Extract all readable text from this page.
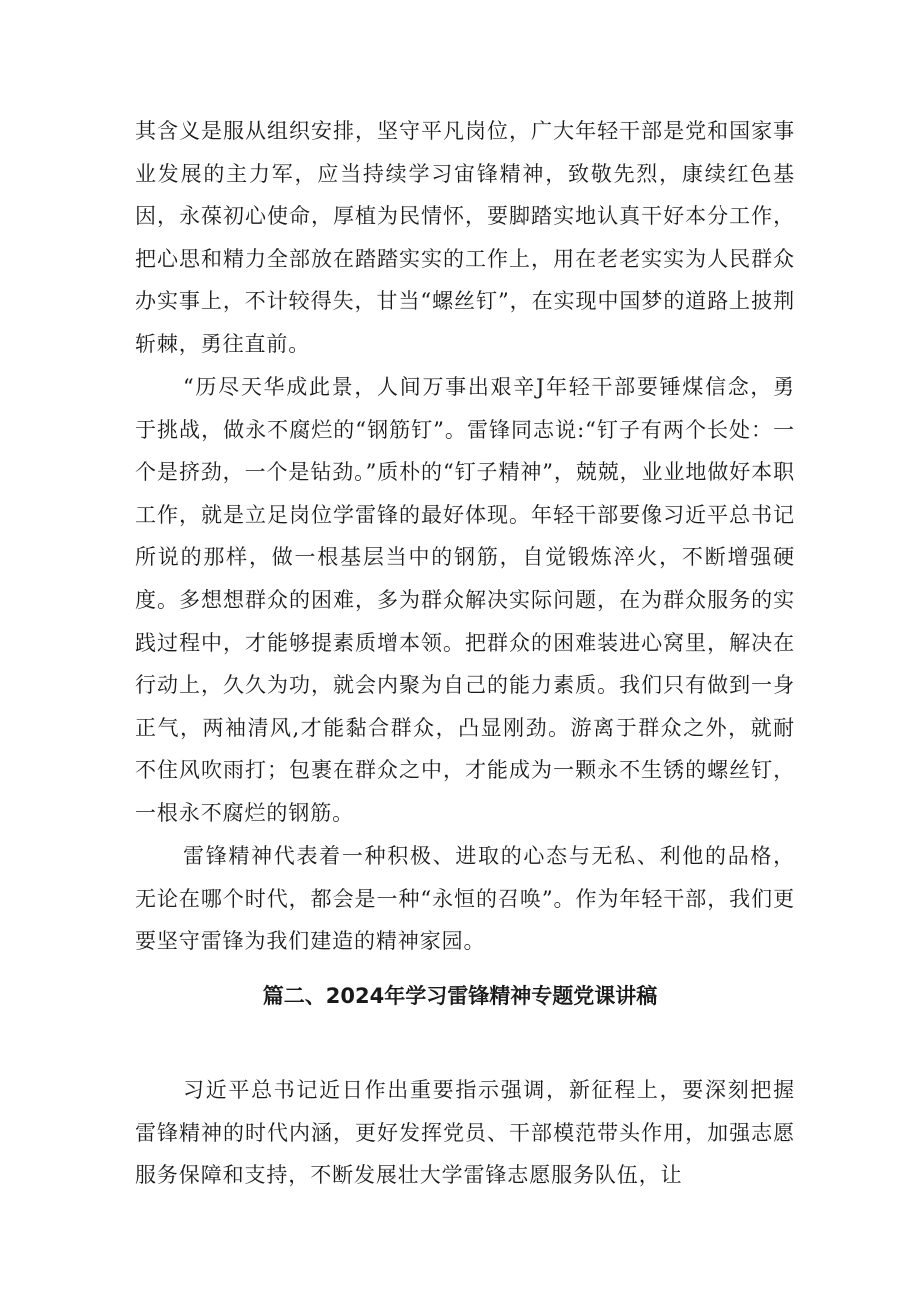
其含义是服从组织安排，坚守平凡岗位，广大年轻干部是党和国家事业发展的主力军，应当持续学习宙锋精神，致敬先烈，康续红色基因，永葆初心使命，厚植为民情怀，要脚踏实地认真干好本分工作，把心思和精力全部放在踏踏实实的工作上，用在老老实实为人民群众办实事上，不计较得失，甘当“螺丝钉”，在实现中国梦的道路上披荆斩棘，勇往直前。

“历尽天华成此景，人间万事出艰辛J年轻干部要锤煤信念，勇于挑战，做永不腐烂的“钢筋钉”。雷锋同志说:“钉子有两个长处：一个是挤劲，一个是钻劲。”质朴的“钉子精神”，兢兢，业业地做好本职工作，就是立足岗位学雷锋的最好体现。年轻干部要像习近平总书记所说的那样，做一根基层当中的钢筋，自觉锻炼淬火，不断增强硬度。多想想群众的困难，多为群众解决实际问题，在为群众服务的实践过程中，才能够提素质增本领。把群众的困难装进心窝里，解决在行动上，久久为功，就会内聚为自己的能力素质。我们只有做到一身正气，两袖清风,才能黏合群众，凸显刚劲。游离于群众之外，就耐不住风吹雨打；包裹在群众之中，才能成为一颗永不生锈的螺丝钉，一根永不腐烂的钢筋。

雷锋精神代表着一种积极、进取的心态与无私、利他的品格，无论在哪个时代，都会是一种“永恒的召唤”。作为年轻干部，我们更要坚守雷锋为我们建造的精神家园。

篇二、2024年学习雷锋精神专题党课讲稿

习近平总书记近日作出重要指示强调，新征程上，要深刻把握雷锋精神的时代内涵，更好发挥党员、干部模范带头作用，加强志愿服务保障和支持，不断发展壮大学雷锋志愿服务队伍，让
